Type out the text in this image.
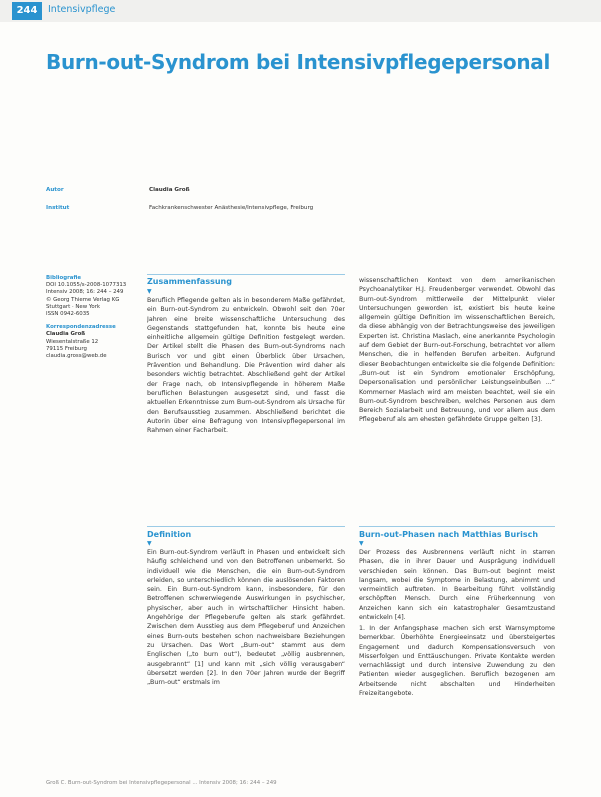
244	Intensivpflege
Burn-out-Syndrom bei Intensivpflegepersonal
Autor	Claudia Groß
Institut	Fachkrankenschwester Anästhesie/Intensivpflege, Freiburg
Bibliografie
DOI 10.1055/s-2008-1077313
Intensiv 2008; 16: 244 – 249
© Georg Thieme Verlag KG
Stuttgart · New York
ISSN 0942-6035
Korrespondenzadresse
Claudia Groß
Wiesentalstraße 12
79115 Freiburg
claudia.gross@web.de
Zusammenfassung
▼
Beruflich Pflegende gelten als in besonderem Maße gefährdet, ein Burn-out-Syndrom zu entwickeln. Obwohl seit den 70er Jahren eine breite wissenschaftliche Untersuchung des Gegenstands stattgefunden hat, konnte bis heute eine einheitliche allgemein gültige Definition festgelegt werden. Der Artikel stellt die Phasen des Burn-out-Syndroms nach Burisch vor und gibt einen Überblick über Ursachen, Prävention und Behandlung. Die Prävention wird daher als besonders wichtig betrachtet. Abschließend geht der Artikel der Frage nach, ob Intensivpflegende in höherem Maße beruflichen Belastungen ausgesetzt sind, und fasst die aktuellen Erkenntnisse zum Burn-out-Syndrom als Ursache für den Berufsausstieg zusammen. Abschließend berichtet die Autorin über eine Befragung von Intensivpflegepersonal im Rahmen einer Facharbeit.
Definition
▼
Ein Burn-out-Syndrom verläuft in Phasen und entwickelt sich häufig schleichend und von den Betroffenen unbemerkt. So individuell wie die Menschen, die ein Burn-out-Syndrom erleiden, so unterschiedlich können die auslösenden Faktoren sein. Ein Burn-out-Syndrom kann, insbesondere, für den Betroffenen schwerwiegende Auswirkungen in psychischer, physischer, aber auch in wirtschaftlicher Hinsicht haben. Angehörige der Pflegeberufe gelten als stark gefährdet. Zwischen dem Ausstieg aus dem Pflegeberuf und Anzeichen eines Burn-outs bestehen schon nachweisbare Beziehungen zu Ursachen. Das Wort „Burn-out“ stammt aus dem Englischen („to burn out“), bedeutet „völlig ausbrennen, ausgebrannt“ [1] und kann mit „sich völlig verausgaben“ übersetzt werden [2]. In den 70er Jahren wurde der Begriff „Burn-out“ erstmals im
wissenschaftlichen Kontext von dem amerikanischen Psychoanalytiker H.J. Freudenberger verwendet. Obwohl das Burn-out-Syndrom mittlerweile der Mittelpunkt vieler Untersuchungen geworden ist, existiert bis heute keine allgemein gültige Definition im wissenschaftlichen Bereich, da diese abhängig von der Betrachtungsweise des jeweiligen Experten ist. Christina Maslach, eine anerkannte Psychologin auf dem Gebiet der Burn-out-Forschung, betrachtet vor allem Menschen, die in helfenden Berufen arbeiten. Aufgrund dieser Beobachtungen entwickelte sie die folgende Definition: „Burn-out ist ein Syndrom emotionaler Erschöpfung, Depersonalisation und persönlicher Leistungseinbußen ...“ Kommerner Maslach wird am meisten beachtet, weil sie ein Burn-out-Syndrom beschreiben, welches Personen aus dem Bereich Sozialarbeit und Betreuung, und vor allem aus dem Pflegeberuf als am ehesten gefährdete Gruppe gelten [3].
Burn-out-Phasen nach Matthias Burisch
▼
Der Prozess des Ausbrennens verläuft nicht in starren Phasen, die in ihrer Dauer und Ausprägung individuell verschieden sein können. Das Burn-out beginnt meist langsam, wobei die Symptome in Belastung, abnimmt und vermeintlich auftreten. In Bearbeitung führt vollständig erschöpften Mensch. Durch eine Früherkennung von Anzeichen kann sich ein katastrophaler Gesamtzustand entwickeln [4].
1. In der Anfangsphase machen sich erst Warnsymptome bemerkbar. Überhöhte Energieeinsatz und übersteigertes Engagement und dadurch Kompensationsversuch von Misserfolgen und Enttäuschungen. Private Kontakte werden vernachlässigt und durch intensive Zuwendung zu den Patienten wieder ausgeglichen. Beruflich bezogenen am Arbeitsende nicht abschalten und Hinderheiten Freizeitangebote.
Groß C. Burn-out-Syndrom bei Intensivpflegepersonal ... Intensiv 2008; 16: 244 – 249
